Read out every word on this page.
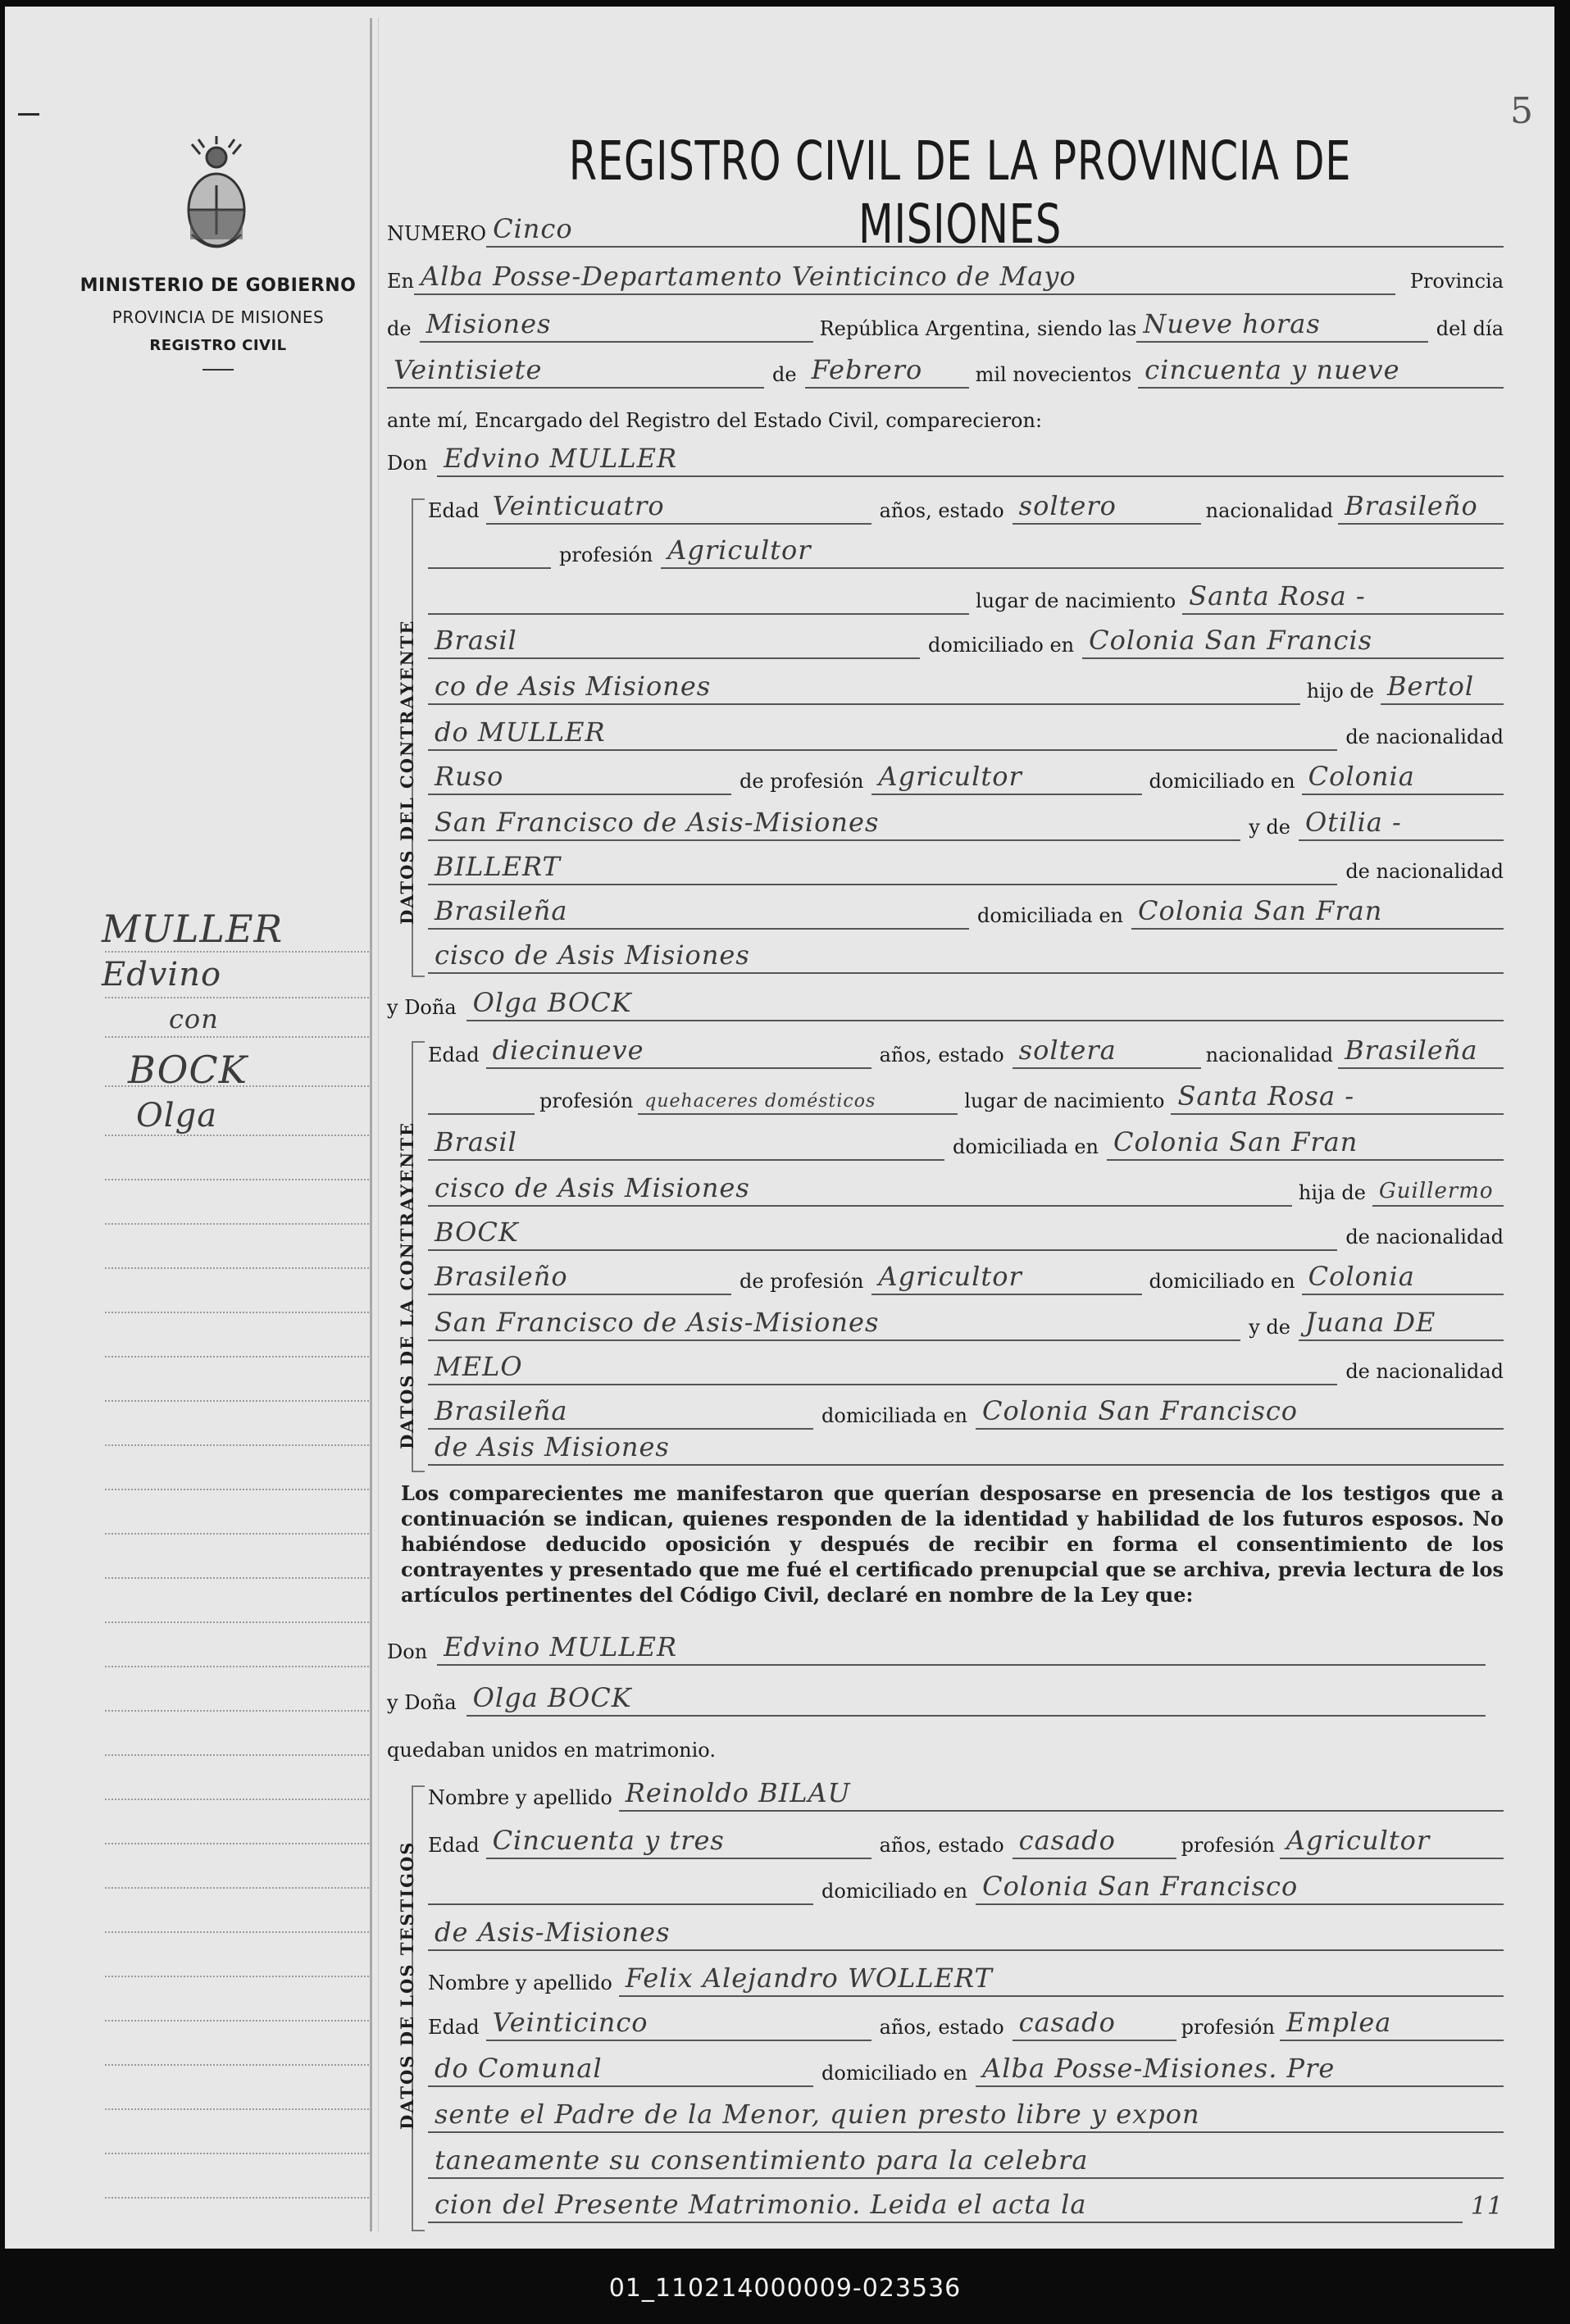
5
MINISTERIO DE GOBIERNO
PROVINCIA DE MISIONES
REGISTRO CIVIL
MULLER
Edvino
con
BOCK
Olga
REGISTRO CIVIL DE LA PROVINCIA DE MISIONES
NUMERO Cinco
En Alba Posse-Departamento Veinticinco de Mayo	Provincia
de Misiones	República Argentina, siendo las Nueve horas	del día
Veintisiete	de Febrero	mil novecientos cincuenta y nueve
ante mí, Encargado del Registro del Estado Civil, comparecieron:
Don Edvino MULLER
DATOS DEL CONTRAYENTE
Edad Veinticuatro	años, estado soltero	nacionalidad Brasileño
profesión Agricultor
lugar de nacimiento Santa Rosa -
Brasil	domiciliado en Colonia San Francis
co de Asis Misiones	hijo de Bertol
do MULLER	de nacionalidad
Ruso	de profesión Agricultor	domiciliado en Colonia
San Francisco de Asis-Misiones	y de Otilia -
BILLERT	de nacionalidad
Brasileña	domiciliada en Colonia San Fran
cisco de Asis Misiones
y Doña Olga BOCK
DATOS DE LA CONTRAYENTE
Edad diecinueve	años, estado soltera	nacionalidad Brasileña
profesión quehaceres domésticos	lugar de nacimiento Santa Rosa -
Brasil	domiciliada en Colonia San Fran
cisco de Asis Misiones	hija de Guillermo
BOCK	de nacionalidad
Brasileño	de profesión Agricultor	domiciliado en Colonia
San Francisco de Asis-Misiones	y de Juana DE
MELO	de nacionalidad
Brasileña	domiciliada en Colonia San Francisco
de Asis Misiones
Los comparecientes me manifestaron que querían desposarse en presencia de los testigos que a continuación se indican, quienes responden de la identidad y habilidad de los futuros esposos. No habiéndose deducido oposición y después de recibir en forma el consentimiento de los contrayentes y presentado que me fué el certificado prenupcial que se archiva, previa lectura de los artículos pertinentes del Código Civil, declaré en nombre de la Ley que:
Don Edvino MULLER
y Doña Olga BOCK
quedaban unidos en matrimonio.
DATOS DE LOS TESTIGOS
Nombre y apellido Reinoldo BILAU
Edad Cincuenta y tres	años, estado casado	profesión Agricultor
domiciliado en Colonia San Francisco
de Asis-Misiones
Nombre y apellido Felix Alejandro WOLLERT
Edad Veinticinco	años, estado casado	profesión Emplea
do Comunal	domiciliado en Alba Posse-Misiones. Pre
sente el Padre de la Menor, quien presto libre y expon
taneamente su consentimiento para la celebra
cion del Presente Matrimonio. Leida el acta la	11
01_110214000009-023536
